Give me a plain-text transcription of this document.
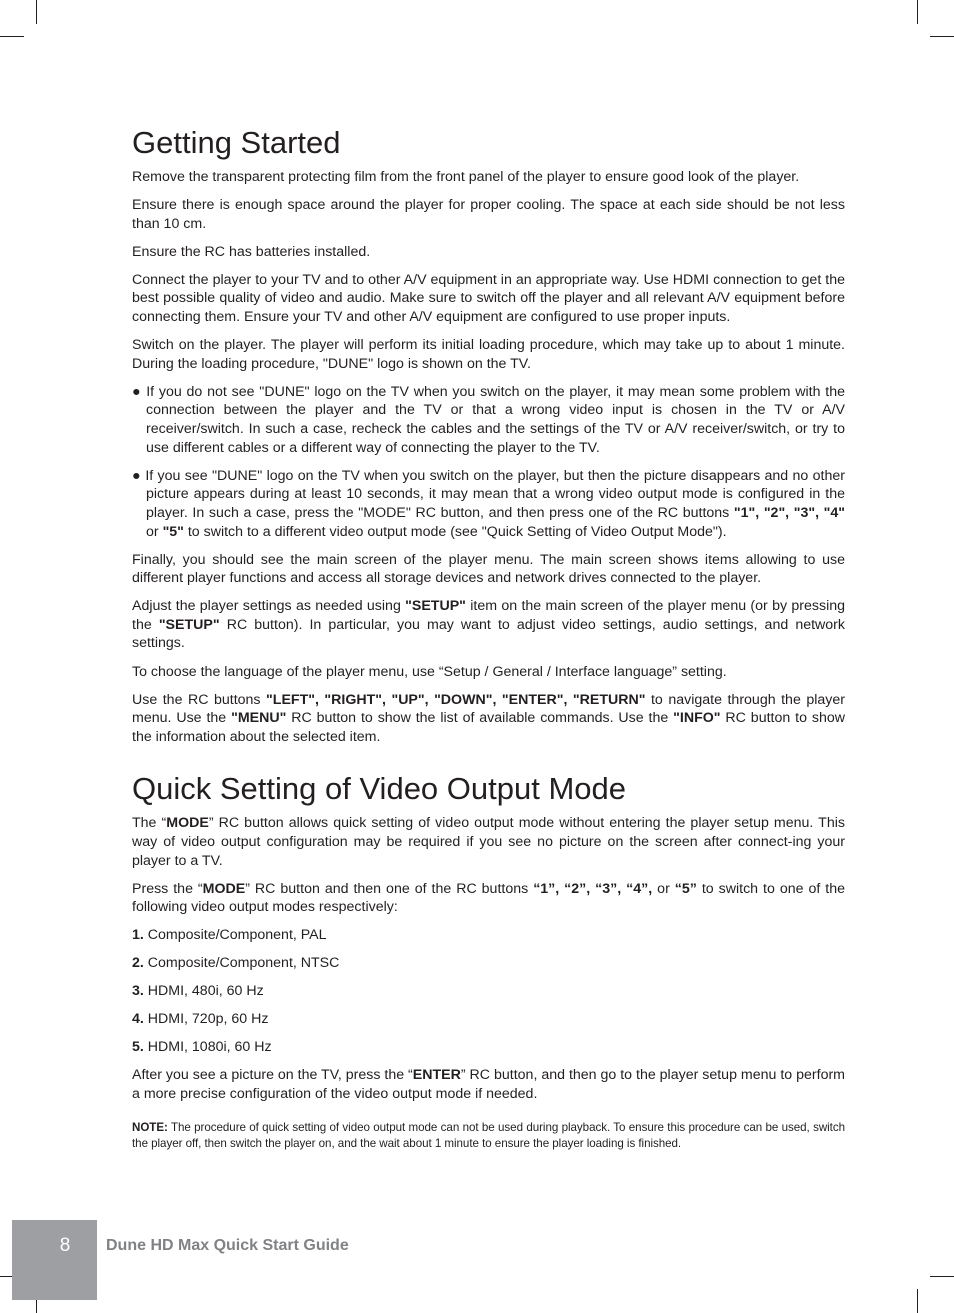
Getting Started

Remove the transparent protecting film from the front panel of the player to ensure good look of the player.

Ensure there is enough space around the player for proper cooling. The space at each side should be not less than 10 cm.

Ensure the RC has batteries installed.

Connect the player to your TV and to other A/V equipment in an appropriate way. Use HDMI connection to get the best possible quality of video and audio. Make sure to switch off the player and all relevant A/V equipment before connecting them. Ensure your TV and other A/V equipment are configured to use proper inputs.

Switch on the player. The player will perform its initial loading procedure, which may take up to about 1 minute. During the loading procedure, "DUNE" logo is shown on the TV.

● If you do not see "DUNE" logo on the TV when you switch on the player, it may mean some problem with the connection between the player and the TV or that a wrong video input is chosen in the TV or A/V receiver/switch. In such a case, recheck the cables and the settings of the TV or A/V receiver/switch, or try to use different cables or a different way of connecting the player to the TV.

● If you see "DUNE" logo on the TV when you switch on the player, but then the picture disappears and no other picture appears during at least 10 seconds, it may mean that a wrong video output mode is configured in the player. In such a case, press the "MODE" RC button, and then press one of the RC buttons "1", "2", "3", "4" or "5" to switch to a different video output mode (see "Quick Setting of Video Output Mode").

Finally, you should see the main screen of the player menu. The main screen shows items allowing to use different player functions and access all storage devices and network drives connected to the player.

Adjust the player settings as needed using "SETUP" item on the main screen of the player menu (or by pressing the "SETUP" RC button). In particular, you may want to adjust video settings, audio settings, and network settings.

To choose the language of the player menu, use “Setup / General / Interface language” setting.

Use the RC buttons "LEFT", "RIGHT", "UP", "DOWN", "ENTER", "RETURN" to navigate through the player menu. Use the "MENU" RC button to show the list of available commands. Use the "INFO" RC button to show the information about the selected item.

Quick Setting of Video Output Mode

The “MODE” RC button allows quick setting of video output mode without entering the player setup menu. This way of video output configuration may be required if you see no picture on the screen after connect-ing your player to a TV.

Press the “MODE” RC button and then one of the RC buttons “1”, “2”, “3”, “4”, or “5” to switch to one of the following video output modes respectively:

1. Composite/Component, PAL

2. Composite/Component, NTSC

3. HDMI, 480i, 60 Hz

4. HDMI, 720p, 60 Hz

5. HDMI, 1080i, 60 Hz

After you see a picture on the TV, press the “ENTER” RC button, and then go to the player setup menu to perform a more precise configuration of the video output mode if needed.

NOTE: The procedure of quick setting of video output mode can not be used during playback. To ensure this procedure can be used, switch the player off, then switch the player on, and the wait about 1 minute to ensure the player loading is finished.

8	Dune HD Max Quick Start Guide
